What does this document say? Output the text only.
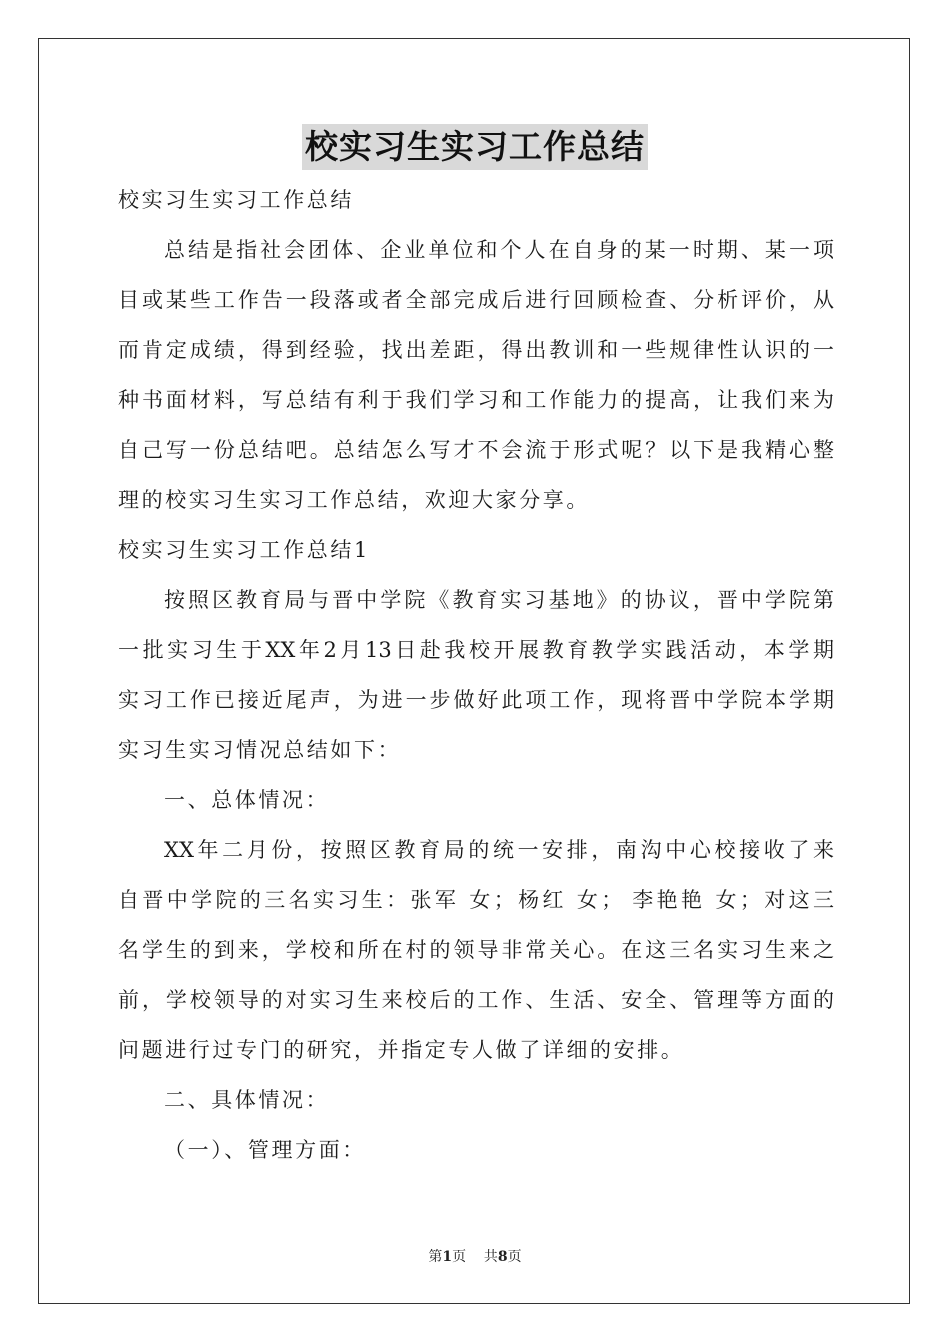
校实习生实习工作总结
校实习生实习工作总结
总结是指社会团体、企业单位和个人在自身的某一时期、某一项
目或某些工作告一段落或者全部完成后进行回顾检查、分析评价，从
而肯定成绩，得到经验，找出差距，得出教训和一些规律性认识的一
种书面材料，写总结有利于我们学习和工作能力的提高，让我们来为
自己写一份总结吧。总结怎么写才不会流于形式呢？以下是我精心整
理的校实习生实习工作总结，欢迎大家分享。
校实习生实习工作总结1
按照区教育局与晋中学院《教育实习基地》的协议，晋中学院第
一批实习生于XX年2月13日赴我校开展教育教学实践活动，本学期
实习工作已接近尾声，为进一步做好此项工作，现将晋中学院本学期
实习生实习情况总结如下：
一、总体情况：
XX年二月份，按照区教育局的统一安排，南沟中心校接收了来
自晋中学院的三名实习生：张军 女；杨红 女； 李艳艳 女；对这三
名学生的到来，学校和所在村的领导非常关心。在这三名实习生来之
前，学校领导的对实习生来校后的工作、生活、安全、管理等方面的
问题进行过专门的研究，并指定专人做了详细的安排。
二、具体情况：
（一）、管理方面：
第1页    共8页
